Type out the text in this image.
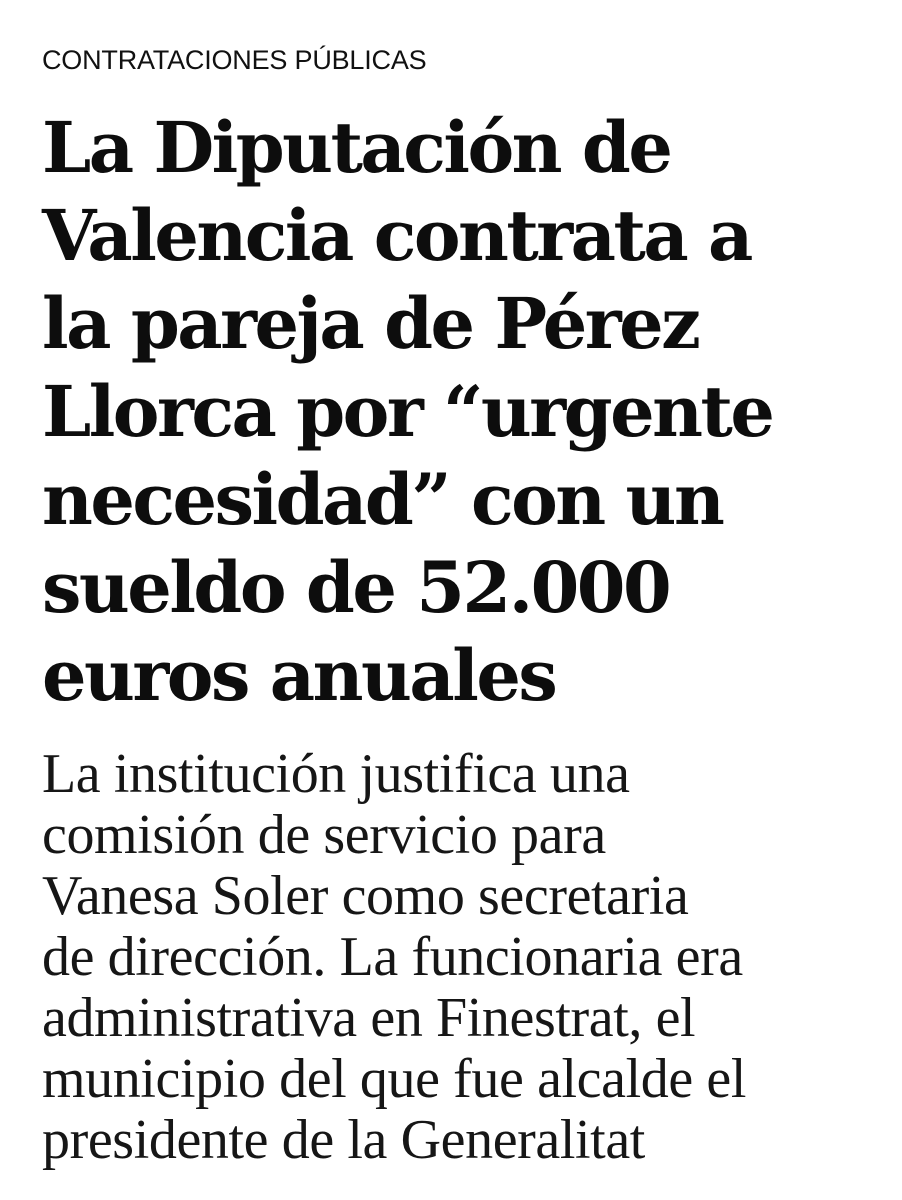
CONTRATACIONES PÚBLICAS

La Diputación de
Valencia contrata a
la pareja de Pérez
Llorca por “urgente
necesidad” con un
sueldo de 52.000
euros anuales
La institución justifica una
comisión de servicio para
Vanesa Soler como secretaria
de dirección. La funcionaria era
administrativa en Finestrat, el
municipio del que fue alcalde el
presidente de la Generalitat
